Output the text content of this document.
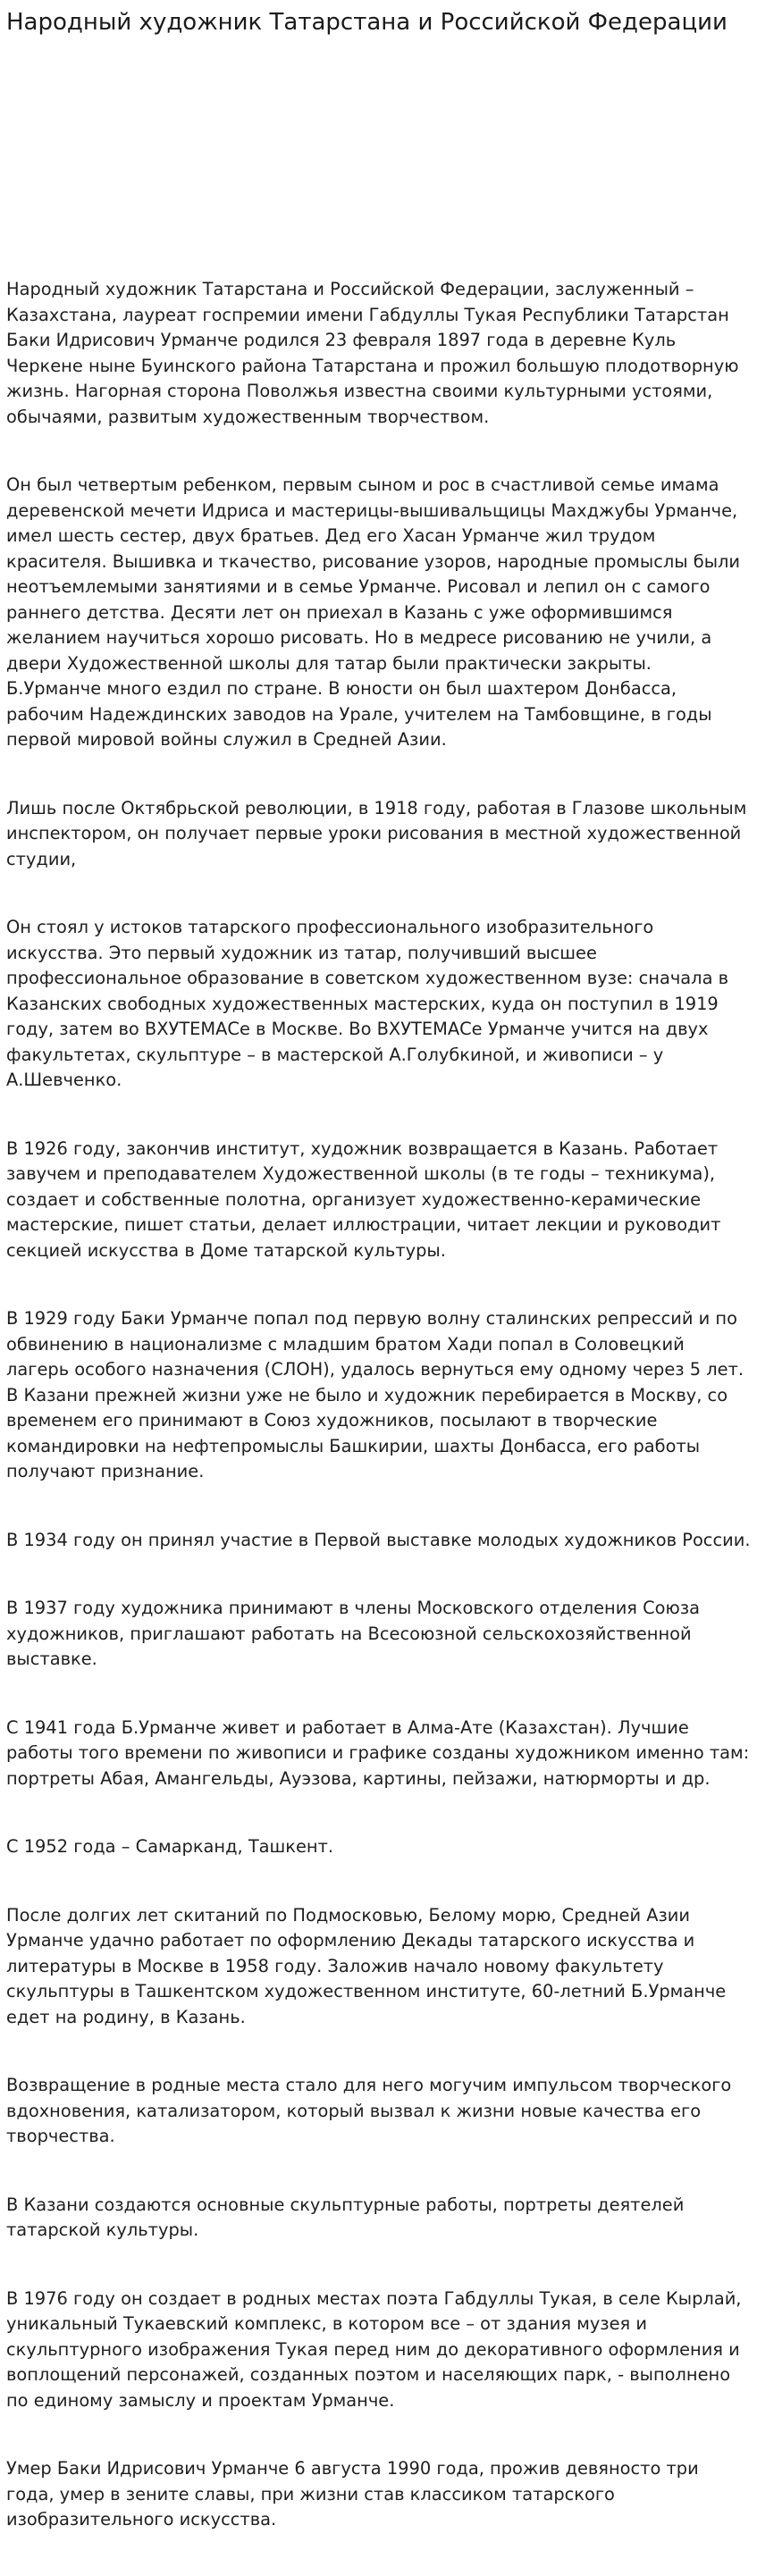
Народный художник Татарстана и Российской Федерации

Народный художник Татарстана и Российской Федерации, заслуженный – Казахстана, лауреат госпремии имени Габдуллы Тукая Республики Татарстан Баки Идрисович Урманче родился 23 февраля 1897 года в деревне Куль Черкене ныне Буинского района Татарстана и прожил большую плодотворную жизнь. Нагорная сторона Поволжья известна своими культурными устоями, обычаями, развитым художественным творчеством.

Он был четвертым ребенком, первым сыном и рос в счастливой семье имама деревенской мечети Идриса и мастерицы-вышивальщицы Махджубы Урманче, имел шесть сестер, двух братьев. Дед его Хасан Урманче жил трудом красителя. Вышивка и ткачество, рисование узоров, народные промыслы были неотъемлемыми занятиями и в семье Урманче. Рисовал и лепил он с самого раннего детства. Десяти лет он приехал в Казань с уже оформившимся желанием научиться хорошо рисовать. Но в медресе рисованию не учили, а двери Художественной школы для татар были практически закрыты. Б.Урманче много ездил по стране. В юности он был шахтером Донбасса, рабочим Надеждинских заводов на Урале, учителем на Тамбовщине, в годы первой мировой войны служил в Средней Азии.

Лишь после Октябрьской революции, в 1918 году, работая в Глазове школьным инспектором, он получает первые уроки рисования в местной художественной студии,

Он стоял у истоков татарского профессионального изобразительного искусства. Это первый художник из татар, получивший высшее профессиональное образование в советском художественном вузе: сначала в Казанских свободных художественных мастерских, куда он поступил в 1919 году, затем во ВХУТЕМАСе в Москве. Во ВХУТЕМАСе Урманче учится на двух факультетах, скульптуре – в мастерской А.Голубкиной, и живописи – у А.Шевченко.

В 1926 году, закончив институт, художник возвращается в Казань. Работает завучем и преподавателем Художественной школы (в те годы – техникума), создает и собственные полотна, организует художественно-керамические мастерские, пишет статьи, делает иллюстрации, читает лекции и руководит секцией искусства в Доме татарской культуры.

В 1929 году Баки Урманче попал под первую волну сталинских репрессий и по обвинению в национализме с младшим братом Хади попал в Соловецкий лагерь особого назначения (СЛОН), удалось вернуться ему одному через 5 лет. В Казани прежней жизни уже не было и художник перебирается в Москву, со временем его принимают в Союз художников, посылают в творческие командировки на нефтепромыслы Башкирии, шахты Донбасса, его работы получают признание.

В 1934 году он принял участие в Первой выставке молодых художников России.

В 1937 году художника принимают в члены Московского отделения Союза художников, приглашают работать на Всесоюзной сельскохозяйственной выставке.

С 1941 года Б.Урманче живет и работает в Алма-Ате (Казахстан). Лучшие работы того времени по живописи и графике созданы художником именно там: портреты Абая, Амангельды, Ауэзова, картины, пейзажи, натюрморты и др.

С 1952 года – Самарканд, Ташкент.

После долгих лет скитаний по Подмосковью, Белому морю, Средней Азии Урманче удачно работает по оформлению Декады татарского искусства и литературы в Москве в 1958 году. Заложив начало новому факультету скульптуры в Ташкентском художественном институте, 60-летний Б.Урманче едет на родину, в Казань.

Возвращение в родные места стало для него могучим импульсом творческого вдохновения, катализатором, который вызвал к жизни новые качества его творчества.

В Казани создаются основные скульптурные работы, портреты деятелей татарской культуры.

В 1976 году он создает в родных местах поэта Габдуллы Тукая, в селе Кырлай, уникальный Тукаевский комплекс, в котором все – от здания музея и скульптурного изображения Тукая перед ним до декоративного оформления и воплощений персонажей, созданных поэтом и населяющих парк, - выполнено по единому замыслу и проектам Урманче.

Умер Баки Идрисович Урманче 6 августа 1990 года, прожив девяносто три года, умер в зените славы, при жизни став классиком татарского изобразительного искусства.
